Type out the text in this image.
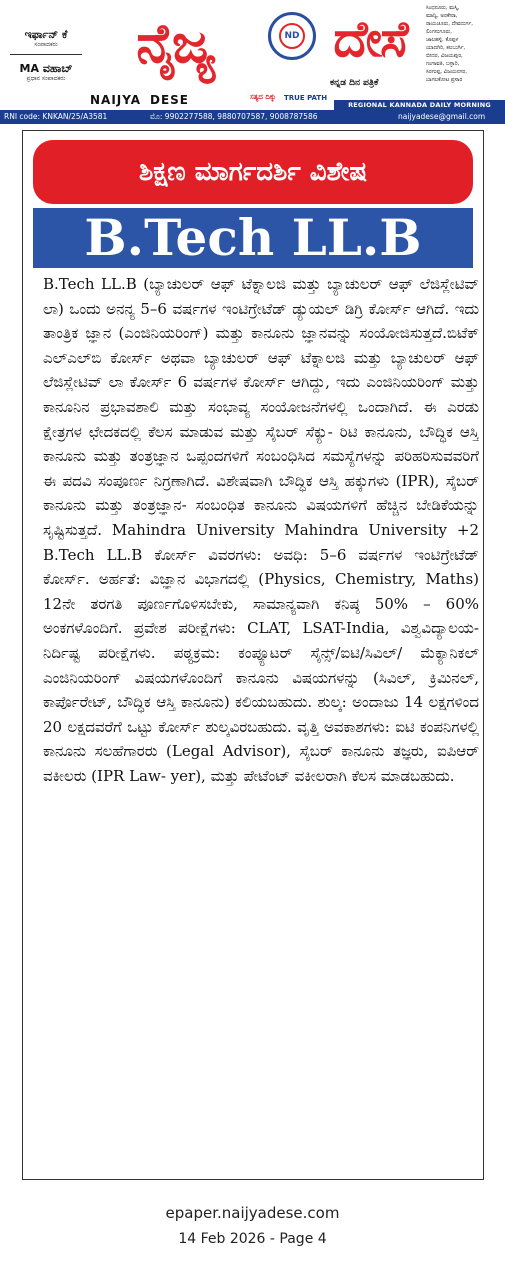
ಇರ್ಫಾನ್ ಕೆ
ಸಂಪಾದಕರು
MA ವಹಾಬ್
ಪ್ರಧಾನ ಸಂಪಾದಕರು
ನೈಜ್ಯ	ND ದೇಸೆ
NAIJYA DESE	ಸತ್ಯದ ದಿಕ್ಕು TRUE PATH
ಕನ್ನಡ ದಿನ ಪತ್ರಿಕೆ
ಸಿಂಧನೂರು, ಮಸ್ಕಿ,
ಮಾನ್ವಿ, ಅರಕೇರಾ,
ರಾಯಚೂರು, ದೇವದುರ್ಗ,
ಲಿಂಗಸುಗೂರು,
ಜಾಲಹಳ್ಳಿ, ಕೊಪ್ಪಳ
ಯಾದಗಿರಿ, ಕಲಬುರ್ಗಿ,
ಬೀದರ, ವಿಜಯಪುರ,
ಗಂಗಾವತಿ, ಬಳ್ಳಾರಿ,
ಸಿರಗುಪ್ಪ, ವಿಜಯನಗರ,
ಬಾಗಲಕೋಟ ಪ್ರಸಾರ
REGIONAL KANNADA DAILY MORNING
RNI code: KNKAN/25/A3581	ಮೊ: 9902277588, 9880707587, 9008787586	naijyadese@gmail.com
ಶಿಕ್ಷಣ ಮಾರ್ಗದರ್ಶಿ ವಿಶೇಷ
B.Tech LL.B

B.Tech LL.B (ಬ್ಯಾಚುಲರ್ ಆಫ್ ಟೆಕ್ನಾಲಜಿ ಮತ್ತು ಬ್ಯಾಚುಲರ್ ಆಫ್ ಲೆಜಿಸ್ಲೇಟಿವ್ ಲಾ) ಒಂದು ಅನನ್ಯ 5–6 ವರ್ಷಗಳ ಇಂಟಿಗ್ರೇಟೆಡ್ ಡ್ಯುಯಲ್ ಡಿಗ್ರಿ ಕೋರ್ಸ್ ಆಗಿದೆ. ಇದು ತಾಂತ್ರಿಕ ಜ್ಞಾನ (ಎಂಜಿನಿಯರಿಂಗ್) ಮತ್ತು ಕಾನೂನು ಜ್ಞಾನವನ್ನು ಸಂಯೋಜಿಸುತ್ತದೆ.ಬಿಟೆಕ್ ಎಲ್‌ಎಲ್‌ಬಿ ಕೋರ್ಸ್ ಅಥವಾ ಬ್ಯಾಚುಲರ್ ಆಫ್ ಟೆಕ್ನಾಲಜಿ ಮತ್ತು ಬ್ಯಾಚುಲರ್ ಆಫ್ ಲೆಜಿಸ್ಲೇಟಿವ್ ಲಾ ಕೋರ್ಸ್ 6 ವರ್ಷಗಳ ಕೋರ್ಸ್ ಆಗಿದ್ದು, ಇದು ಎಂಜಿನಿಯರಿಂಗ್ ಮತ್ತು ಕಾನೂನಿನ ಪ್ರಭಾವಶಾಲಿ ಮತ್ತು ಸಂಭಾವ್ಯ ಸಂಯೋಜನೆಗಳಲ್ಲಿ ಒಂದಾಗಿದೆ. ಈ ಎರಡು ಕ್ಷೇತ್ರಗಳ ಛೇದಕದಲ್ಲಿ ಕೆಲಸ ಮಾಡುವ ಮತ್ತು ಸೈಬರ್ ಸೆಕ್ಯು- ರಿಟಿ ಕಾನೂನು, ಬೌದ್ಧಿಕ ಆಸ್ತಿ ಕಾನೂನು ಮತ್ತು ತಂತ್ರಜ್ಞಾನ ಒಪ್ಪಂದಗಳಿಗೆ ಸಂಬಂಧಿಸಿದ ಸಮಸ್ಯೆಗಳನ್ನು ಪರಿಹರಿಸುವವರಿಗೆ ಈ ಪದವಿ ಸಂಪೂರ್ಣ ನಿಗ್ರಣಾಗಿದೆ. ವಿಶೇಷವಾಗಿ ಬೌದ್ಧಿಕ ಆಸ್ತಿ ಹಕ್ಕುಗಳು (IPR), ಸೈಬರ್ ಕಾನೂನು ಮತ್ತು ತಂತ್ರಜ್ಞಾನ- ಸಂಬಂಧಿತ ಕಾನೂನು ವಿಷಯಗಳಿಗೆ ಹೆಚ್ಚಿನ ಬೇಡಿಕೆಯನ್ನು ಸೃಷ್ಟಿಸುತ್ತದೆ. Mahindra University Mahindra University +2 B.Tech LL.B ಕೋರ್ಸ್ ವಿವರಗಳು: ಅವಧಿ: 5–6 ವರ್ಷಗಳ ಇಂಟಿಗ್ರೇಟೆಡ್ ಕೋರ್ಸ್. ಅರ್ಹತೆ: ವಿಜ್ಞಾನ ವಿಭಾಗದಲ್ಲಿ (Physics, Chemistry, Maths) 12ನೇ ತರಗತಿ ಪೂರ್ಣಗೊಳಿಸಬೇಕು, ಸಾಮಾನ್ಯವಾಗಿ ಕನಿಷ್ಠ 50% – 60% ಅಂಕಗಳೊಂದಿಗೆ. ಪ್ರವೇಶ ಪರೀಕ್ಷೆಗಳು: CLAT, LSAT-India, ವಿಶ್ವವಿದ್ಯಾಲಯ-ನಿರ್ದಿಷ್ಟ ಪರೀಕ್ಷೆಗಳು. ಪಠ್ಯಕ್ರಮ: ಕಂಪ್ಯೂಟರ್ ಸೈನ್ಸ್/ಐಟಿ/ಸಿವಿಲ್/ ಮೆಕ್ಯಾನಿಕಲ್ ಎಂಜಿನಿಯರಿಂಗ್ ವಿಷಯಗಳೊಂದಿಗೆ ಕಾನೂನು ವಿಷಯಗಳನ್ನು (ಸಿವಿಲ್, ಕ್ರಿಮಿನಲ್, ಕಾರ್ಪೊರೇಟ್, ಬೌದ್ಧಿಕ ಆಸ್ತಿ ಕಾನೂನು) ಕಲಿಯಬಹುದು. ಶುಲ್ಕ: ಅಂದಾಜು 14 ಲಕ್ಷಗಳಿಂದ 20 ಲಕ್ಷದವರೆಗೆ ಒಟ್ಟು ಕೋರ್ಸ್ ಶುಲ್ಕವಿರಬಹುದು. ವೃತ್ತಿ ಅವಕಾಶಗಳು: ಐಟಿ ಕಂಪನಿಗಳಲ್ಲಿ ಕಾನೂನು ಸಲಹೆಗಾರರು (Legal Advisor), ಸೈಬರ್ ಕಾನೂನು ತಜ್ಞರು, ಐಪಿಆರ್ ವಕೀಲರು (IPR Law- yer), ಮತ್ತು ಪೇಟೆಂಟ್ ವಕೀಲರಾಗಿ ಕೆಲಸ ಮಾಡಬಹುದು.

epaper.naijyadese.com
14 Feb 2026 - Page 4
